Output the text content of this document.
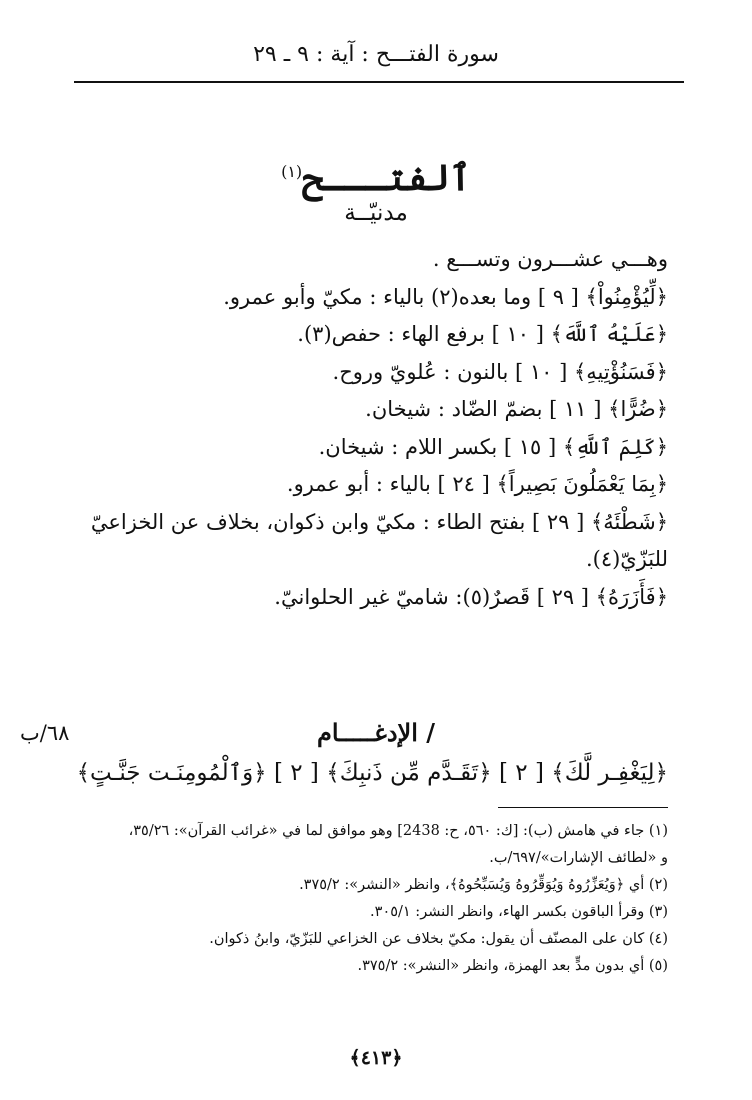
سورة الفتـــح : آية : ٩ ـ ٢٩
ٱلفتـــح$^{(١)}$
مدنيّــة

وهـــي عشـــرون وتســـع .

﴿لِّيُؤْمِنُواْ﴾ [ ٩ ] وما بعده(٢) بالياء : مكيّ وأبو عمرو.

﴿عَلَيْهُ ٱللَّهَ﴾ [ ١٠ ] برفع الهاء : حفص(٣).

﴿فَسَنُؤْتِيهِ﴾ [ ١٠ ] بالنون : عُلويّ وروح.

﴿ضُرًّا﴾ [ ١١ ] بضمّ الضّاد : شيخان.

﴿كَلِمَ ٱللَّهِ﴾ [ ١٥ ] بكسر اللام : شيخان.

﴿بِمَا يَعْمَلُونَ بَصِيراً﴾ [ ٢٤ ] بالياء : أبو عمرو.

﴿شَطْئَهُ﴾ [ ٢٩ ] بفتح الطاء : مكيّ وابن ذكوان، بخلاف عن الخزاعيّ للبَزّيّ(٤).

﴿فَأَزَرَهُ﴾ [ ٢٩ ] قَصرٌ(٥): شاميّ غير الحلوانيّ.

/ الإدغـــــام
٦٨/ب
﴿لِيَغْفِـر لَّكَ﴾ [ ٢ ] ﴿تَقَـدَّم مِّن ذَنبِكَ﴾ [ ٢ ] ﴿وَٱلْمُومِنَـت جَنَّـتٍ﴾

(١) جاء في هامش (ب): [ك: ٥٦٠، ح: 2438] وهو موافق لما في «غرائب القرآن»: ٣٥/٢٦،

و «لطائف الإشارات»/٦٩٧/ب.

(٢) أي ﴿وَيُعَزِّرُوهُ وَيُوَقِّرُوهُ وَيُسَبِّحُوهُ﴾، وانظر «النشر»: ٣٧٥/٢.

(٣) وقرأ الباقون بكسر الهاء، وانظر النشر: ٣٠٥/١.

(٤) كان على المصنّف أن يقول: مكيّ بخلاف عن الخزاعي للبَزّيّ، وابنُ ذكوان.

(٥) أي بدون مدٍّ بعد الهمزة، وانظر «النشر»: ٣٧٥/٢.

﴿٤١٣﴾
